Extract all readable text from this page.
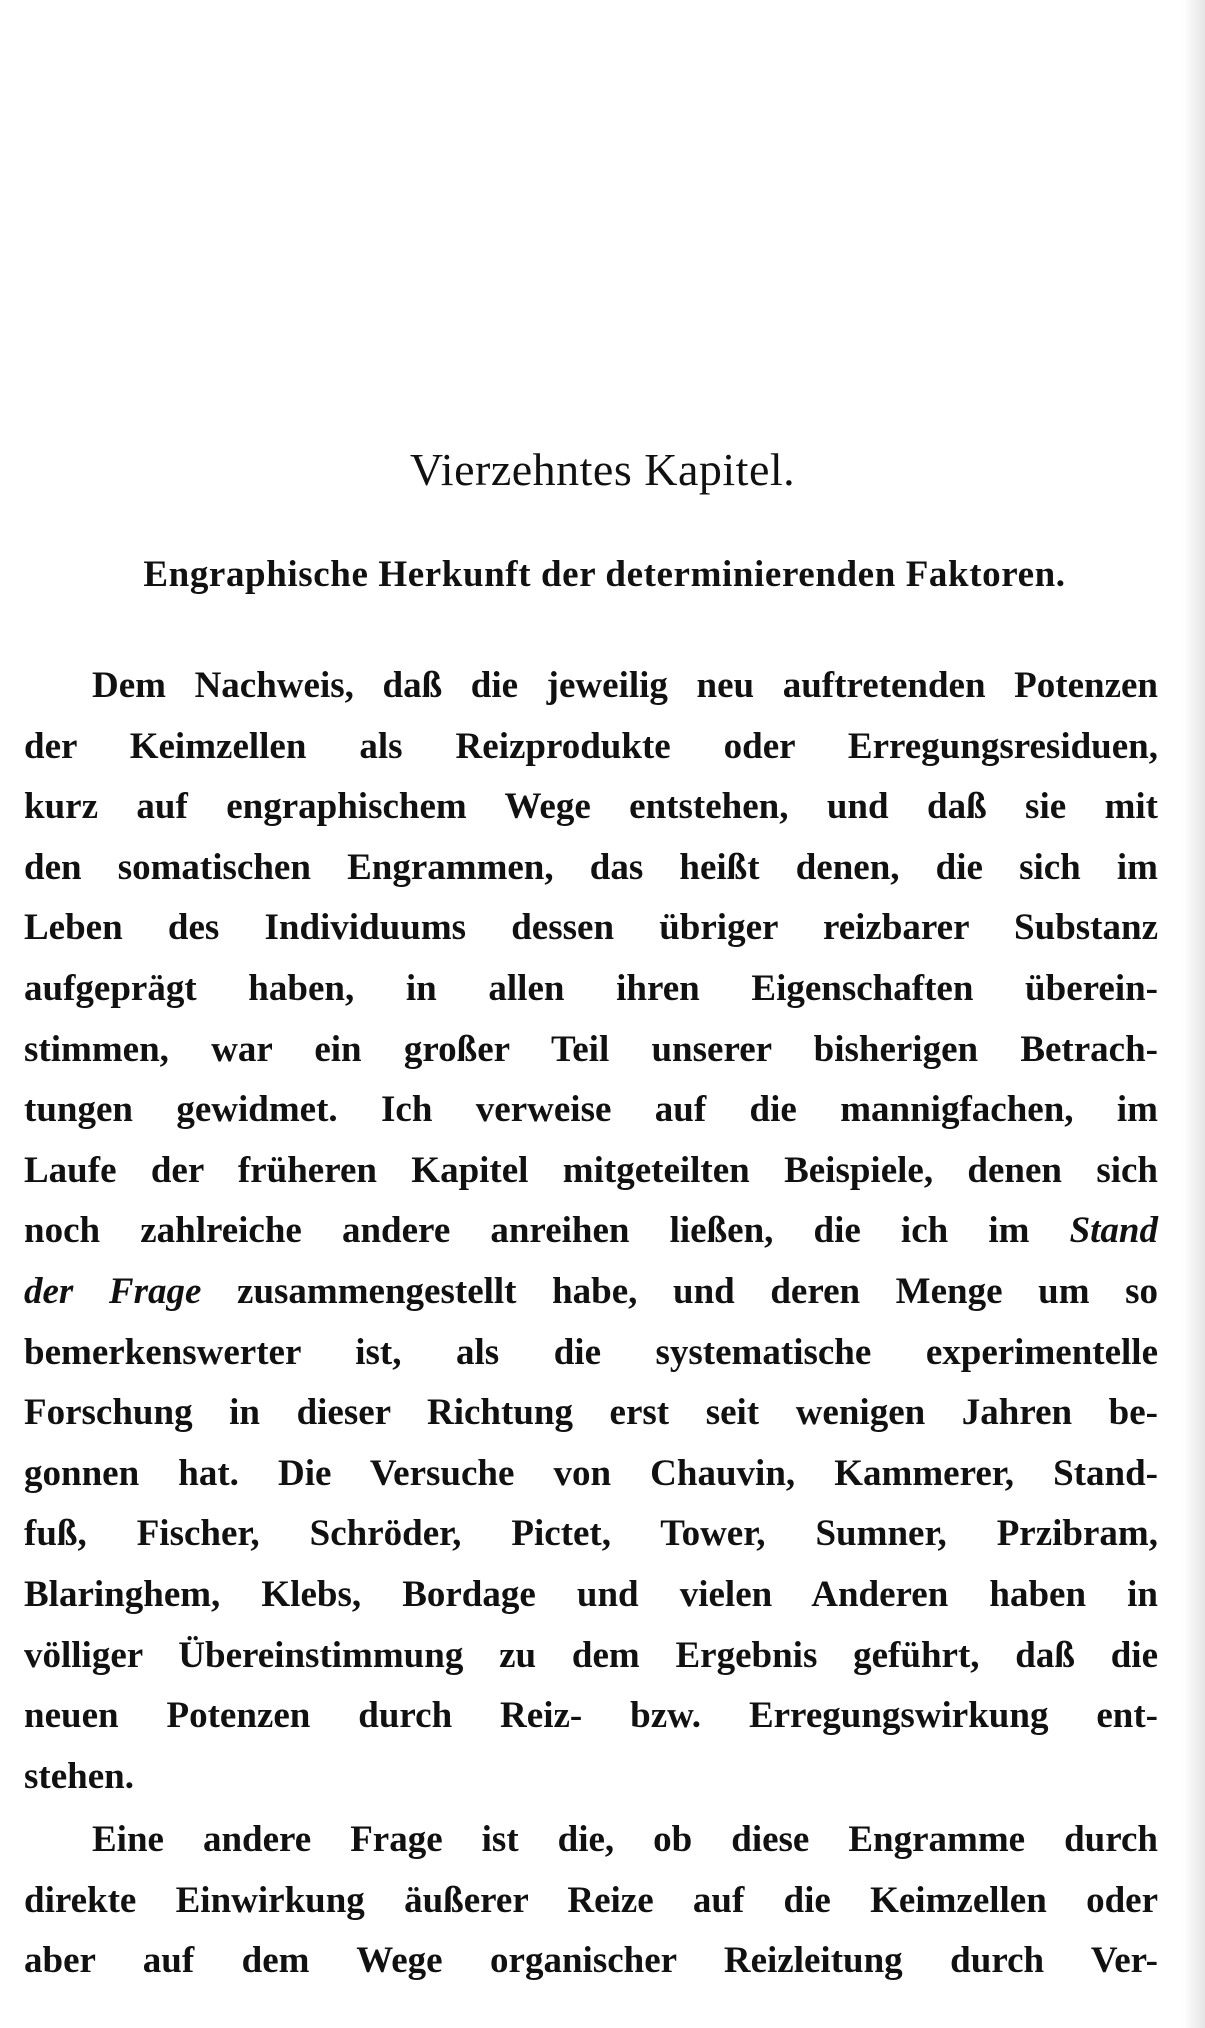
Vierzehntes Kapitel.
Engraphische Herkunft der determinierenden Faktoren.
Dem Nachweis, daß die jeweilig neu auftretenden Potenzen
der Keimzellen als Reizprodukte oder Erregungsresiduen,
kurz auf engraphischem Wege entstehen, und daß sie mit
den somatischen Engrammen, das heißt denen, die sich im
Leben des Individuums dessen übriger reizbarer Substanz
aufgeprägt haben, in allen ihren Eigenschaften überein-
stimmen, war ein großer Teil unserer bisherigen Betrach-
tungen gewidmet. Ich verweise auf die mannigfachen, im
Laufe der früheren Kapitel mitgeteilten Beispiele, denen sich
noch zahlreiche andere anreihen ließen, die ich im Stand
der Frage zusammengestellt habe, und deren Menge um so
bemerkenswerter ist, als die systematische experimentelle
Forschung in dieser Richtung erst seit wenigen Jahren be-
gonnen hat. Die Versuche von Chauvin, Kammerer, Stand-
fuß, Fischer, Schröder, Pictet, Tower, Sumner, Przibram,
Blaringhem, Klebs, Bordage und vielen Anderen haben in
völliger Übereinstimmung zu dem Ergebnis geführt, daß die
neuen Potenzen durch Reiz- bzw. Erregungswirkung ent-
stehen.
Eine andere Frage ist die, ob diese Engramme durch
direkte Einwirkung äußerer Reize auf die Keimzellen oder
aber auf dem Wege organischer Reizleitung durch Ver-
